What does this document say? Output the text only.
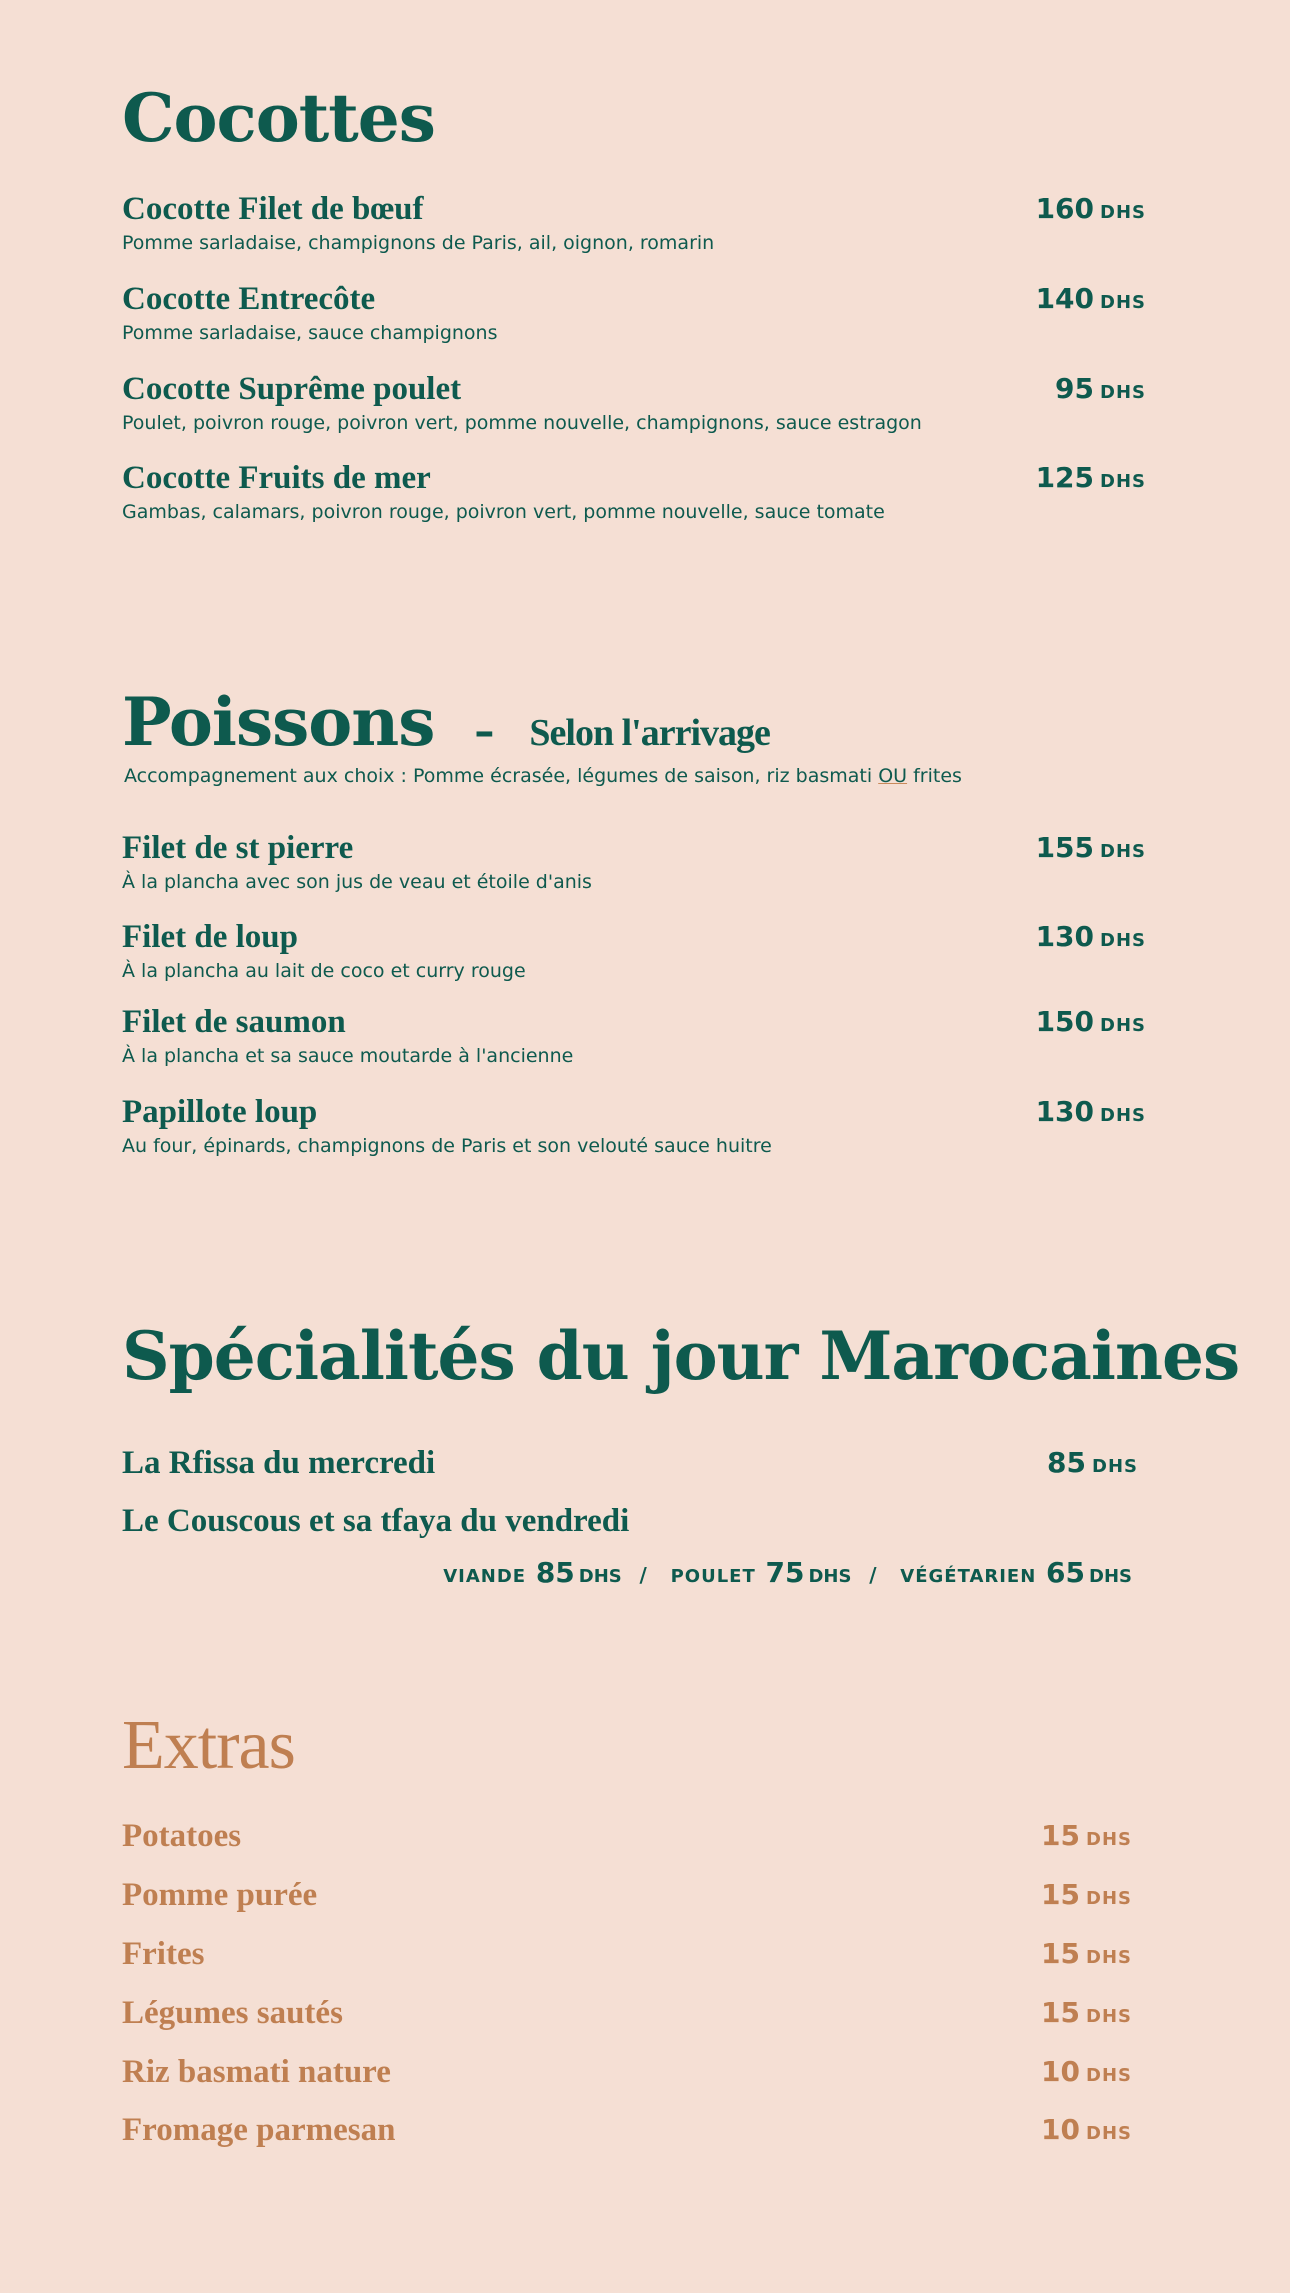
Cocottes
Cocotte Filet de bœuf
Pomme sarladaise, champignons de Paris, ail, oignon, romarin
160 DHS
Cocotte Entrecôte
Pomme sarladaise, sauce champignons
140 DHS
Cocotte Suprême poulet
Poulet, poivron rouge, poivron vert, pomme nouvelle, champignons, sauce estragon
95 DHS
Cocotte Fruits de mer
Gambas, calamars, poivron rouge, poivron vert, pomme nouvelle, sauce tomate
125 DHS
Poissons – Selon l'arrivage
Accompagnement aux choix : Pomme écrasée, légumes de saison, riz basmati OU frites
Filet de st pierre
À la plancha avec son jus de veau et étoile d'anis
155 DHS
Filet de loup
À la plancha au lait de coco et curry rouge
130 DHS
Filet de saumon
À la plancha et sa sauce moutarde à l'ancienne
150 DHS
Papillote loup
Au four, épinards, champignons de Paris et son velouté sauce huitre
130 DHS
Spécialités du jour Marocaines
La Rfissa du mercredi	85 DHS
Le Couscous et sa tfaya du vendredi
VIANDE 85 DHS / POULET 75 DHS / VÉGÉTARIEN 65 DHS
Extras
Potatoes	15 DHS
Pomme purée	15 DHS
Frites	15 DHS
Légumes sautés	15 DHS
Riz basmati nature	10 DHS
Fromage parmesan	10 DHS
